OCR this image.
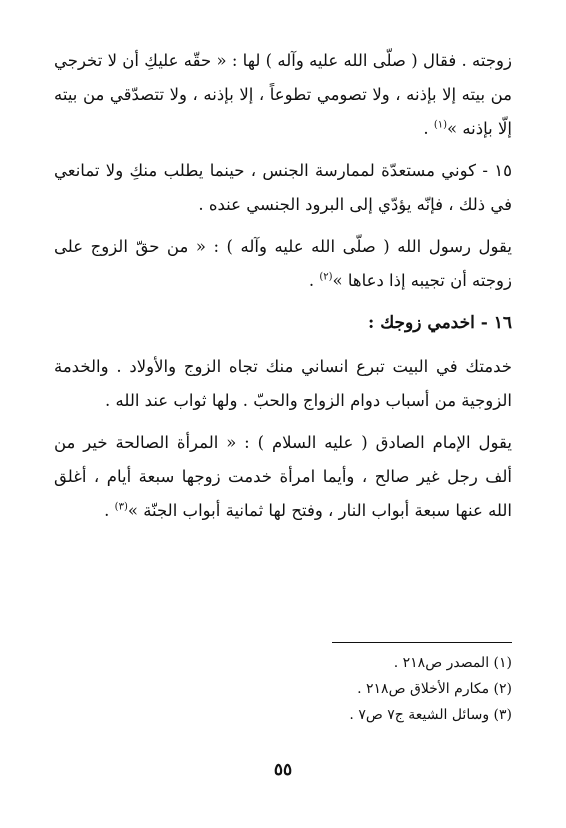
زوجته . فقال ( صلّى الله عليه وآله ) لها : « حقّه عليكِ أن لا تخرجي من بيته إلا بإذنه ، ولا تصومي تطوعاً ، إلا بإذنه ، ولا تتصدّقي من بيته إلّا بإذنه »$^{(١)}$ .

١٥ - كوني مستعدّة لممارسة الجنس ، حينما يطلب منكِ ولا تمانعي في ذلك ، فإنّه يؤدّي إلى البرود الجنسي عنده .

يقول رسول الله ( صلّى الله عليه وآله ) : « من حقّ الزوج على زوجته أن تجيبه إذا دعاها »$^{(٢)}$ .

١٦ - اخدمي زوجك :

خدمتك في البيت تبرع انساني منك تجاه الزوج والأولاد . والخدمة الزوجية من أسباب دوام الزواج والحبّ . ولها ثواب عند الله .

يقول الإمام الصادق ( عليه السلام ) : « المرأة الصالحة خير من ألف رجل غير صالح ، وأيما امرأة خدمت زوجها سبعة أيام ، أغلق الله عنها سبعة أبواب النار ، وفتح لها ثمانية أبواب الجنّة »$^{(٣)}$ .

(١) المصدر ص٢١٨ .

(٢) مكارم الأخلاق ص٢١٨ .

(٣) وسائل الشيعة ج٧ ص٧ .

٥٥
